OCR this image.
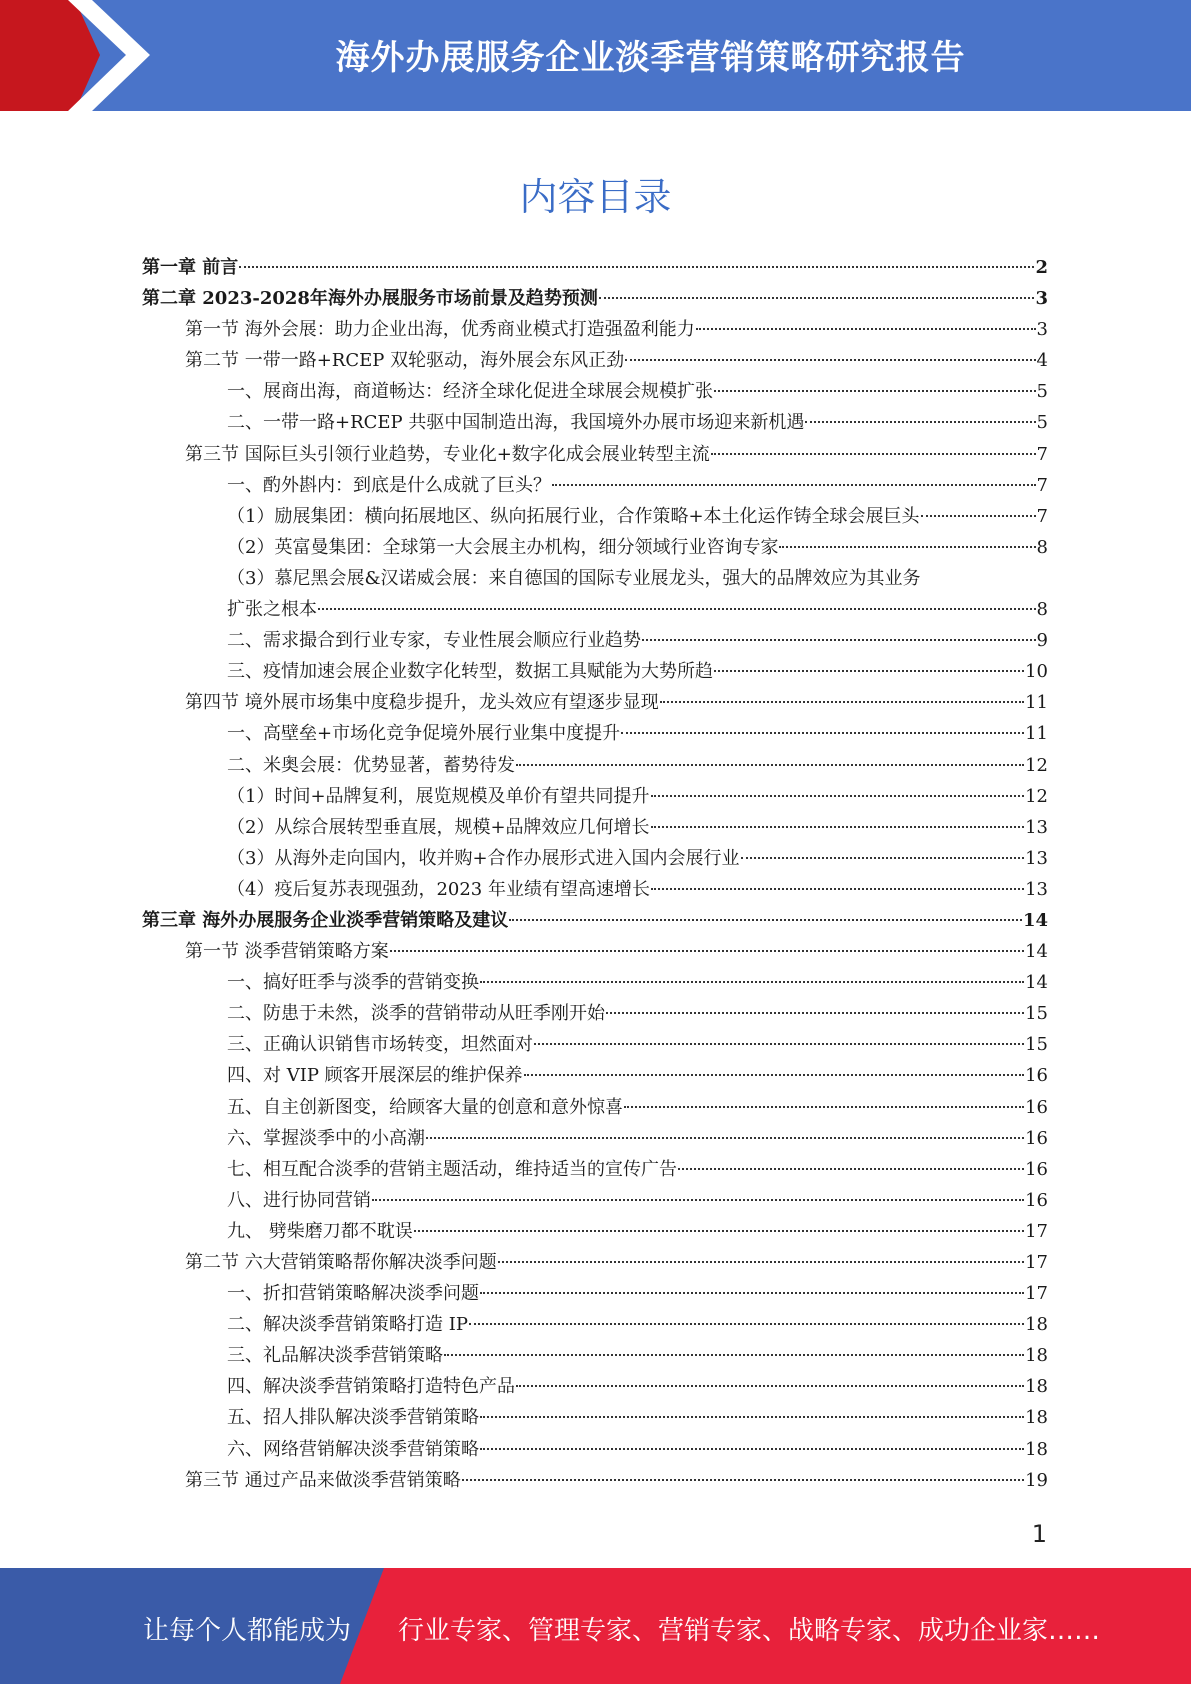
海外办展服务企业淡季营销策略研究报告
内容目录
第一章 前言	2
第二章 2023-2028年海外办展服务市场前景及趋势预测	3
第一节 海外会展：助力企业出海，优秀商业模式打造强盈利能力	3
第二节 一带一路+RCEP 双轮驱动，海外展会东风正劲	4
一、展商出海，商道畅达：经济全球化促进全球展会规模扩张	5
二、一带一路+RCEP 共驱中国制造出海，我国境外办展市场迎来新机遇	5
第三节 国际巨头引领行业趋势，专业化+数字化成会展业转型主流	7
一、酌外斟内：到底是什么成就了巨头？	7
（1）励展集团：横向拓展地区、纵向拓展行业，合作策略+本土化运作铸全球会展巨头	7
（2）英富曼集团：全球第一大会展主办机构，细分领域行业咨询专家	8
（3）慕尼黑会展&汉诺威会展：来自德国的国际专业展龙头，强大的品牌效应为其业务
扩张之根本	8
二、需求撮合到行业专家，专业性展会顺应行业趋势	9
三、疫情加速会展企业数字化转型，数据工具赋能为大势所趋	10
第四节 境外展市场集中度稳步提升，龙头效应有望逐步显现	11
一、高壁垒+市场化竞争促境外展行业集中度提升	11
二、米奥会展：优势显著，蓄势待发	12
（1）时间+品牌复利，展览规模及单价有望共同提升	12
（2）从综合展转型垂直展，规模+品牌效应几何增长	13
（3）从海外走向国内，收并购+合作办展形式进入国内会展行业	13
（4）疫后复苏表现强劲，2023 年业绩有望高速增长	13
第三章 海外办展服务企业淡季营销策略及建议	14
第一节 淡季营销策略方案	14
一、搞好旺季与淡季的营销变换	14
二、防患于未然，淡季的营销带动从旺季刚开始	15
三、正确认识销售市场转变，坦然面对	15
四、对 VIP 顾客开展深层的维护保养	16
五、自主创新图变，给顾客大量的创意和意外惊喜	16
六、掌握淡季中的小高潮	16
七、相互配合淡季的营销主题活动，维持适当的宣传广告	16
八、进行协同营销	16
九、 劈柴磨刀都不耽误	17
第二节 六大营销策略帮你解决淡季问题	17
一、折扣营销策略解决淡季问题	17
二、解决淡季营销策略打造 IP	18
三、礼品解决淡季营销策略	18
四、解决淡季营销策略打造特色产品	18
五、招人排队解决淡季营销策略	18
六、网络营销解决淡季营销策略	18
第三节 通过产品来做淡季营销策略	19
1
让每个人都能成为 行业专家、管理专家、营销专家、战略专家、成功企业家……
